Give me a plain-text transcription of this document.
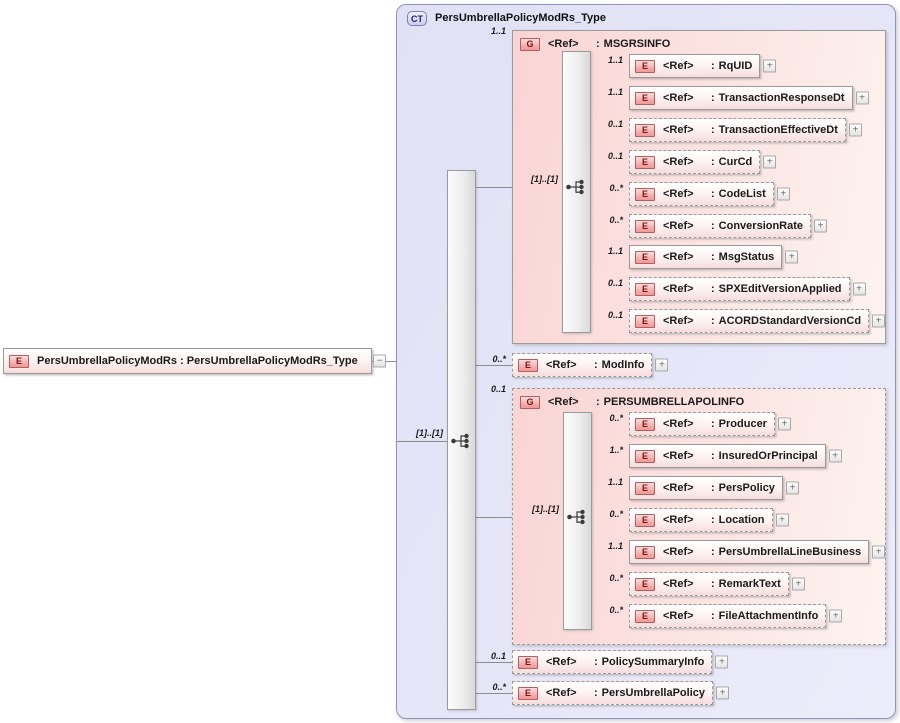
E	PersUmbrellaPolicyModRs : PersUmbrellaPolicyModRs_Type	−
CT	PersUmbrellaPolicyModRs_Type
[1]..[1]
1..1
G	<Ref>	: MSGRSINFO
[1]..[1]
1..1
E	<Ref>	: RqUID	+
1..1
E	<Ref>	: TransactionResponseDt	+
0..1
E	<Ref>	: TransactionEffectiveDt	+
0..1
E	<Ref>	: CurCd	+
0..*
E	<Ref>	: CodeList	+
0..*
E	<Ref>	: ConversionRate	+
1..1
E	<Ref>	: MsgStatus	+
0..1
E	<Ref>	: SPXEditVersionApplied	+
0..1
E	<Ref>	: ACORDStandardVersionCd	+
0..*
E	<Ref>	: ModInfo	+
0..1
G	<Ref>	: PERSUMBRELLAPOLINFO
[1]..[1]
0..*
E	<Ref>	: Producer	+
1..*
E	<Ref>	: InsuredOrPrincipal	+
1..1
E	<Ref>	: PersPolicy	+
0..*
E	<Ref>	: Location	+
1..1
E	<Ref>	: PersUmbrellaLineBusiness	+
0..*
E	<Ref>	: RemarkText	+
0..*
E	<Ref>	: FileAttachmentInfo	+
0..1
E	<Ref>	: PolicySummaryInfo	+
0..*
E	<Ref>	: PersUmbrellaPolicy	+
